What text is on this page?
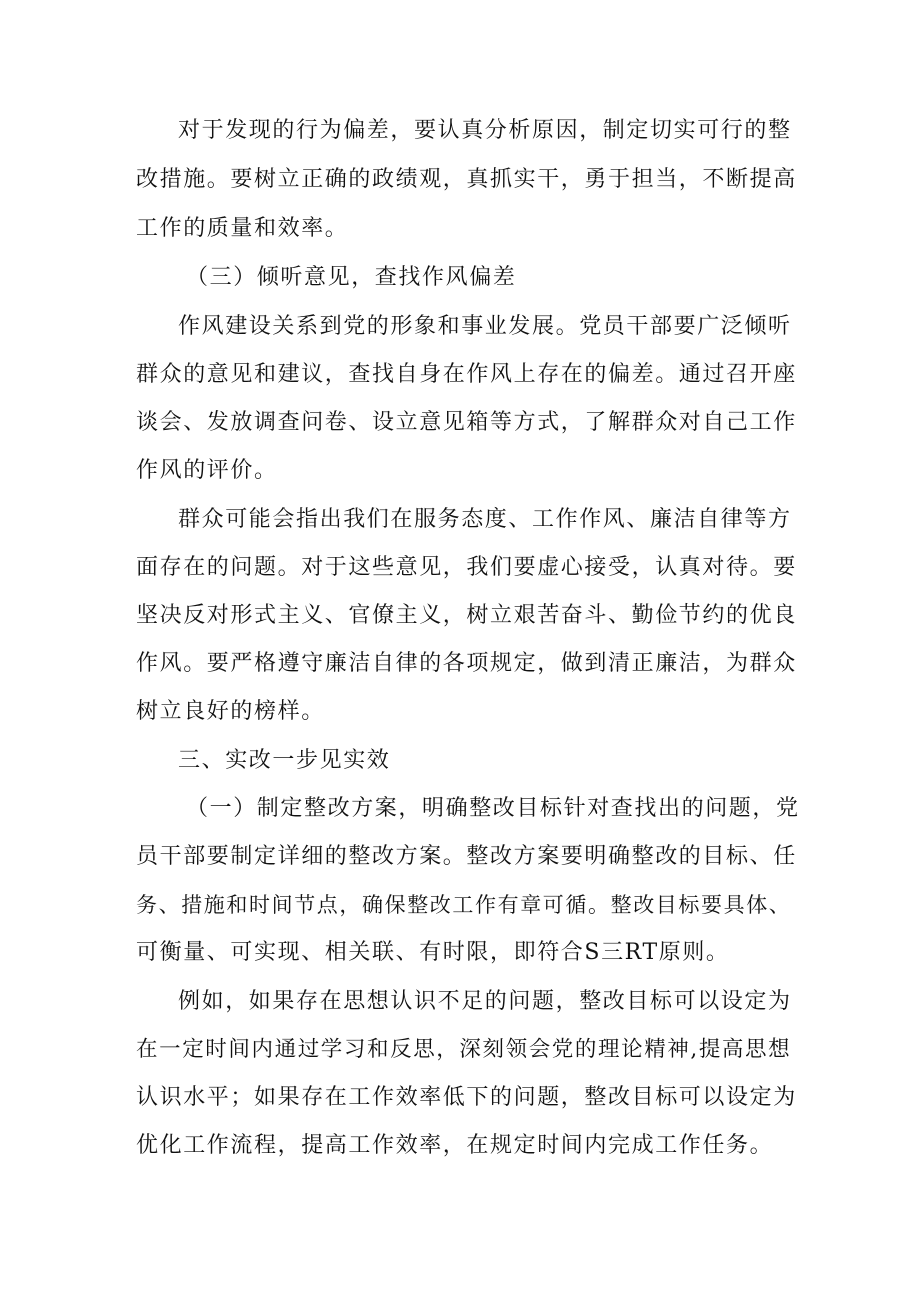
对于发现的行为偏差，要认真分析原因，制定切实可行的整
改措施。要树立正确的政绩观，真抓实干，勇于担当，不断提高
工作的质量和效率。
（三）倾听意见，查找作风偏差
作风建设关系到党的形象和事业发展。党员干部要广泛倾听
群众的意见和建议，查找自身在作风上存在的偏差。通过召开座
谈会、发放调查问卷、设立意见箱等方式，了解群众对自己工作
作风的评价。
群众可能会指出我们在服务态度、工作作风、廉洁自律等方
面存在的问题。对于这些意见，我们要虚心接受，认真对待。要
坚决反对形式主义、官僚主义，树立艰苦奋斗、勤俭节约的优良
作风。要严格遵守廉洁自律的各项规定，做到清正廉洁，为群众
树立良好的榜样。
三、实改一步见实效
（一）制定整改方案，明确整改目标针对查找出的问题，党
员干部要制定详细的整改方案。整改方案要明确整改的目标、任
务、措施和时间节点，确保整改工作有章可循。整改目标要具体、
可衡量、可实现、相关联、有时限，即符合S三RT原则。
例如，如果存在思想认识不足的问题，整改目标可以设定为
在一定时间内通过学习和反思，深刻领会党的理论精神,提高思想
认识水平；如果存在工作效率低下的问题，整改目标可以设定为
优化工作流程，提高工作效率，在规定时间内完成工作任务。
